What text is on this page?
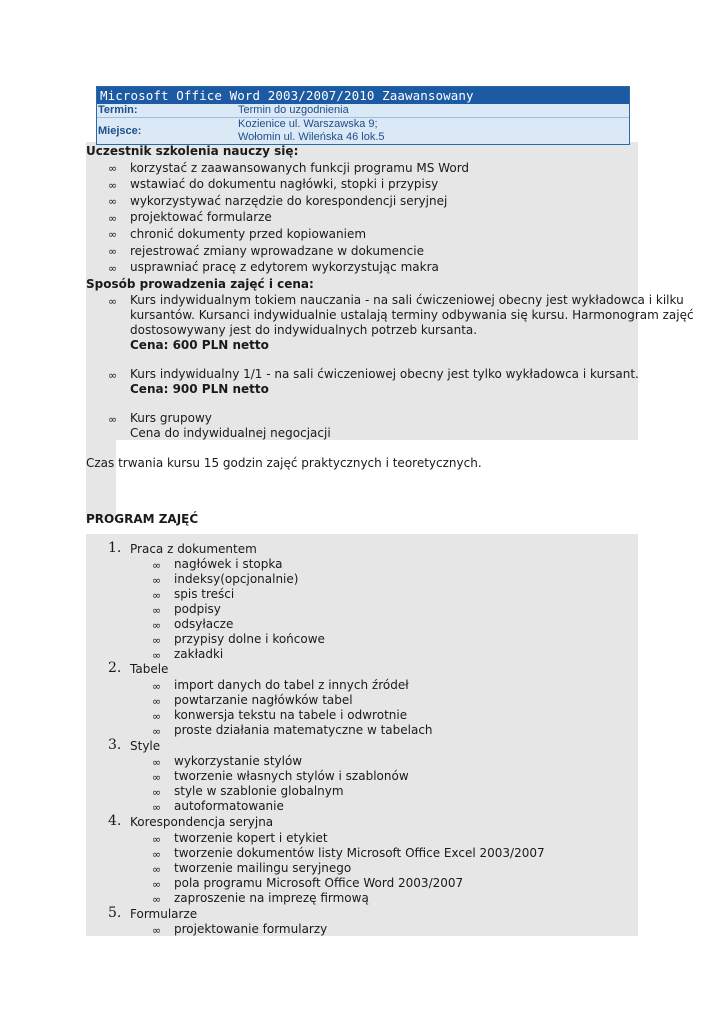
Microsoft Office Word 2003/2007/2010 Zaawansowany
Termin:	Termin do uzgodnienia
Miejsce:
Kozienice ul. Warszawska 9;
Wołomin ul. Wileńska 46 lok.5
Uczestnik szkolenia nauczy się:
∞ korzystać z zaawansowanych funkcji programu MS Word
∞ wstawiać do dokumentu nagłówki, stopki i przypisy
∞ wykorzystywać narzędzie do korespondencji seryjnej
∞ projektować formularze
∞ chronić dokumenty przed kopiowaniem
∞ rejestrować zmiany wprowadzane w dokumencie
∞ usprawniać pracę z edytorem wykorzystując makra
Sposób prowadzenia zajęć i cena:
∞ Kurs indywidualnym tokiem nauczania - na sali ćwiczeniowej obecny jest wykładowca i kilku
kursantów. Kursanci indywidualnie ustalają terminy odbywania się kursu. Harmonogram zajęć
dostosowywany jest do indywidualnych potrzeb kursanta.
Cena: 600 PLN netto
∞ Kurs indywidualny 1/1 - na sali ćwiczeniowej obecny jest tylko wykładowca i kursant.
Cena: 900 PLN netto
∞ Kurs grupowy
Cena do indywidualnej negocjacji
Czas trwania kursu 15 godzin zajęć praktycznych i teoretycznych.
PROGRAM ZAJĘĆ
1. Praca z dokumentem
∞ nagłówek i stopka
∞ indeksy(opcjonalnie)
∞ spis treści
∞ podpisy
∞ odsyłacze
∞ przypisy dolne i końcowe
∞ zakładki
2. Tabele
∞ import danych do tabel z innych źródeł
∞ powtarzanie nagłówków tabel
∞ konwersja tekstu na tabele i odwrotnie
∞ proste działania matematyczne w tabelach
3. Style
∞ wykorzystanie stylów
∞ tworzenie własnych stylów i szablonów
∞ style w szablonie globalnym
∞ autoformatowanie
4. Korespondencja seryjna
∞ tworzenie kopert i etykiet
∞ tworzenie dokumentów listy Microsoft Office Excel 2003/2007
∞ tworzenie mailingu seryjnego
∞ pola programu Microsoft Office Word 2003/2007
∞ zaproszenie na imprezę firmową
5. Formularze
∞ projektowanie formularzy
